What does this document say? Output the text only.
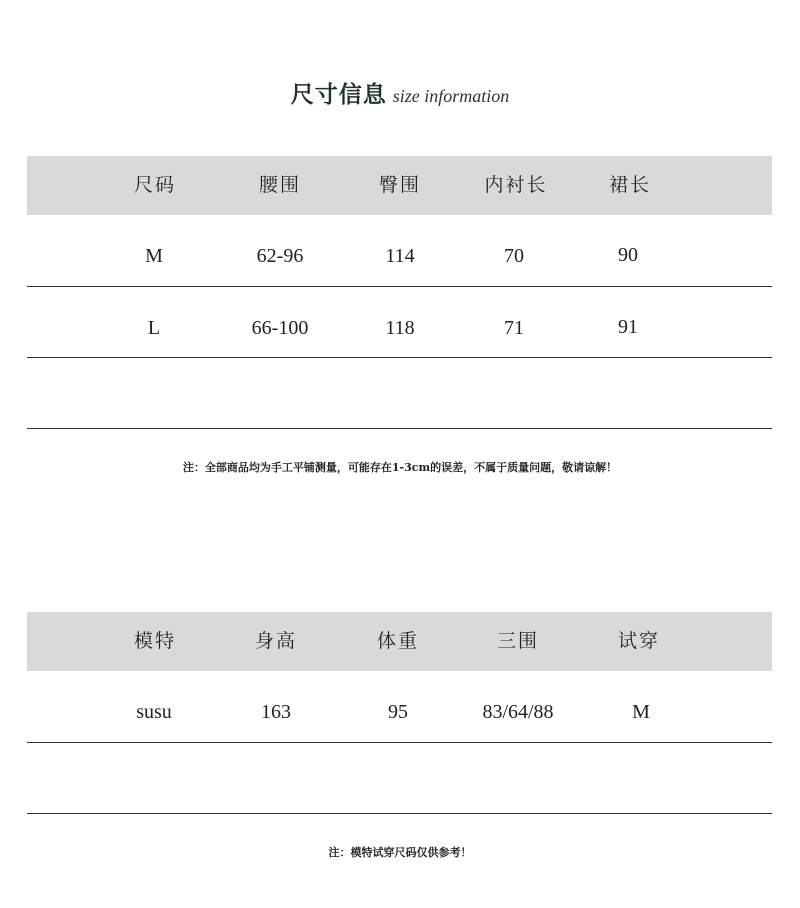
尺寸信息 size information
尺码	腰围	臀围	内衬长	裙长
M	62-96	114	70	90
L	66-100	118	71	91
注：全部商品均为手工平铺测量，可能存在1-3cm的误差，不属于质量问题，敬请谅解！
模特	身高	体重	三围	试穿
susu	163	95	83/64/88	M
注：模特试穿尺码仅供参考！
